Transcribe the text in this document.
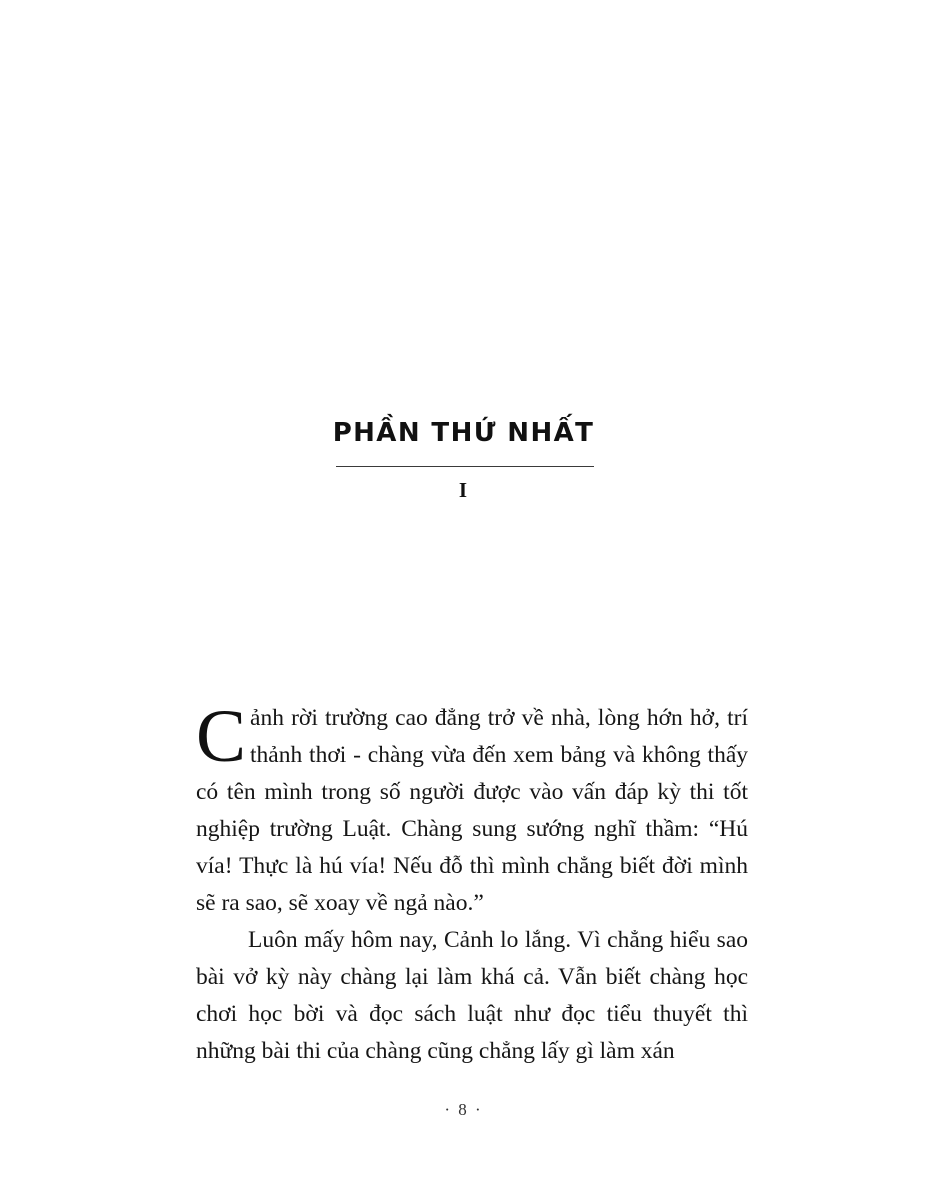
PHẦN THỨ NHẤT
I

Cảnh rời trường cao đẳng trở về nhà, lòng hớn hở, trí thảnh thơi - chàng vừa đến xem bảng và không thấy có tên mình trong số người được vào vấn đáp kỳ thi tốt nghiệp trường Luật. Chàng sung sướng nghĩ thầm: “Hú vía! Thực là hú vía! Nếu đỗ thì mình chẳng biết đời mình sẽ ra sao, sẽ xoay về ngả nào.”

Luôn mấy hôm nay, Cảnh lo lắng. Vì chẳng hiểu sao bài vở kỳ này chàng lại làm khá cả. Vẫn biết chàng học chơi học bời và đọc sách luật như đọc tiểu thuyết thì những bài thi của chàng cũng chẳng lấy gì làm xán

· 8 ·
